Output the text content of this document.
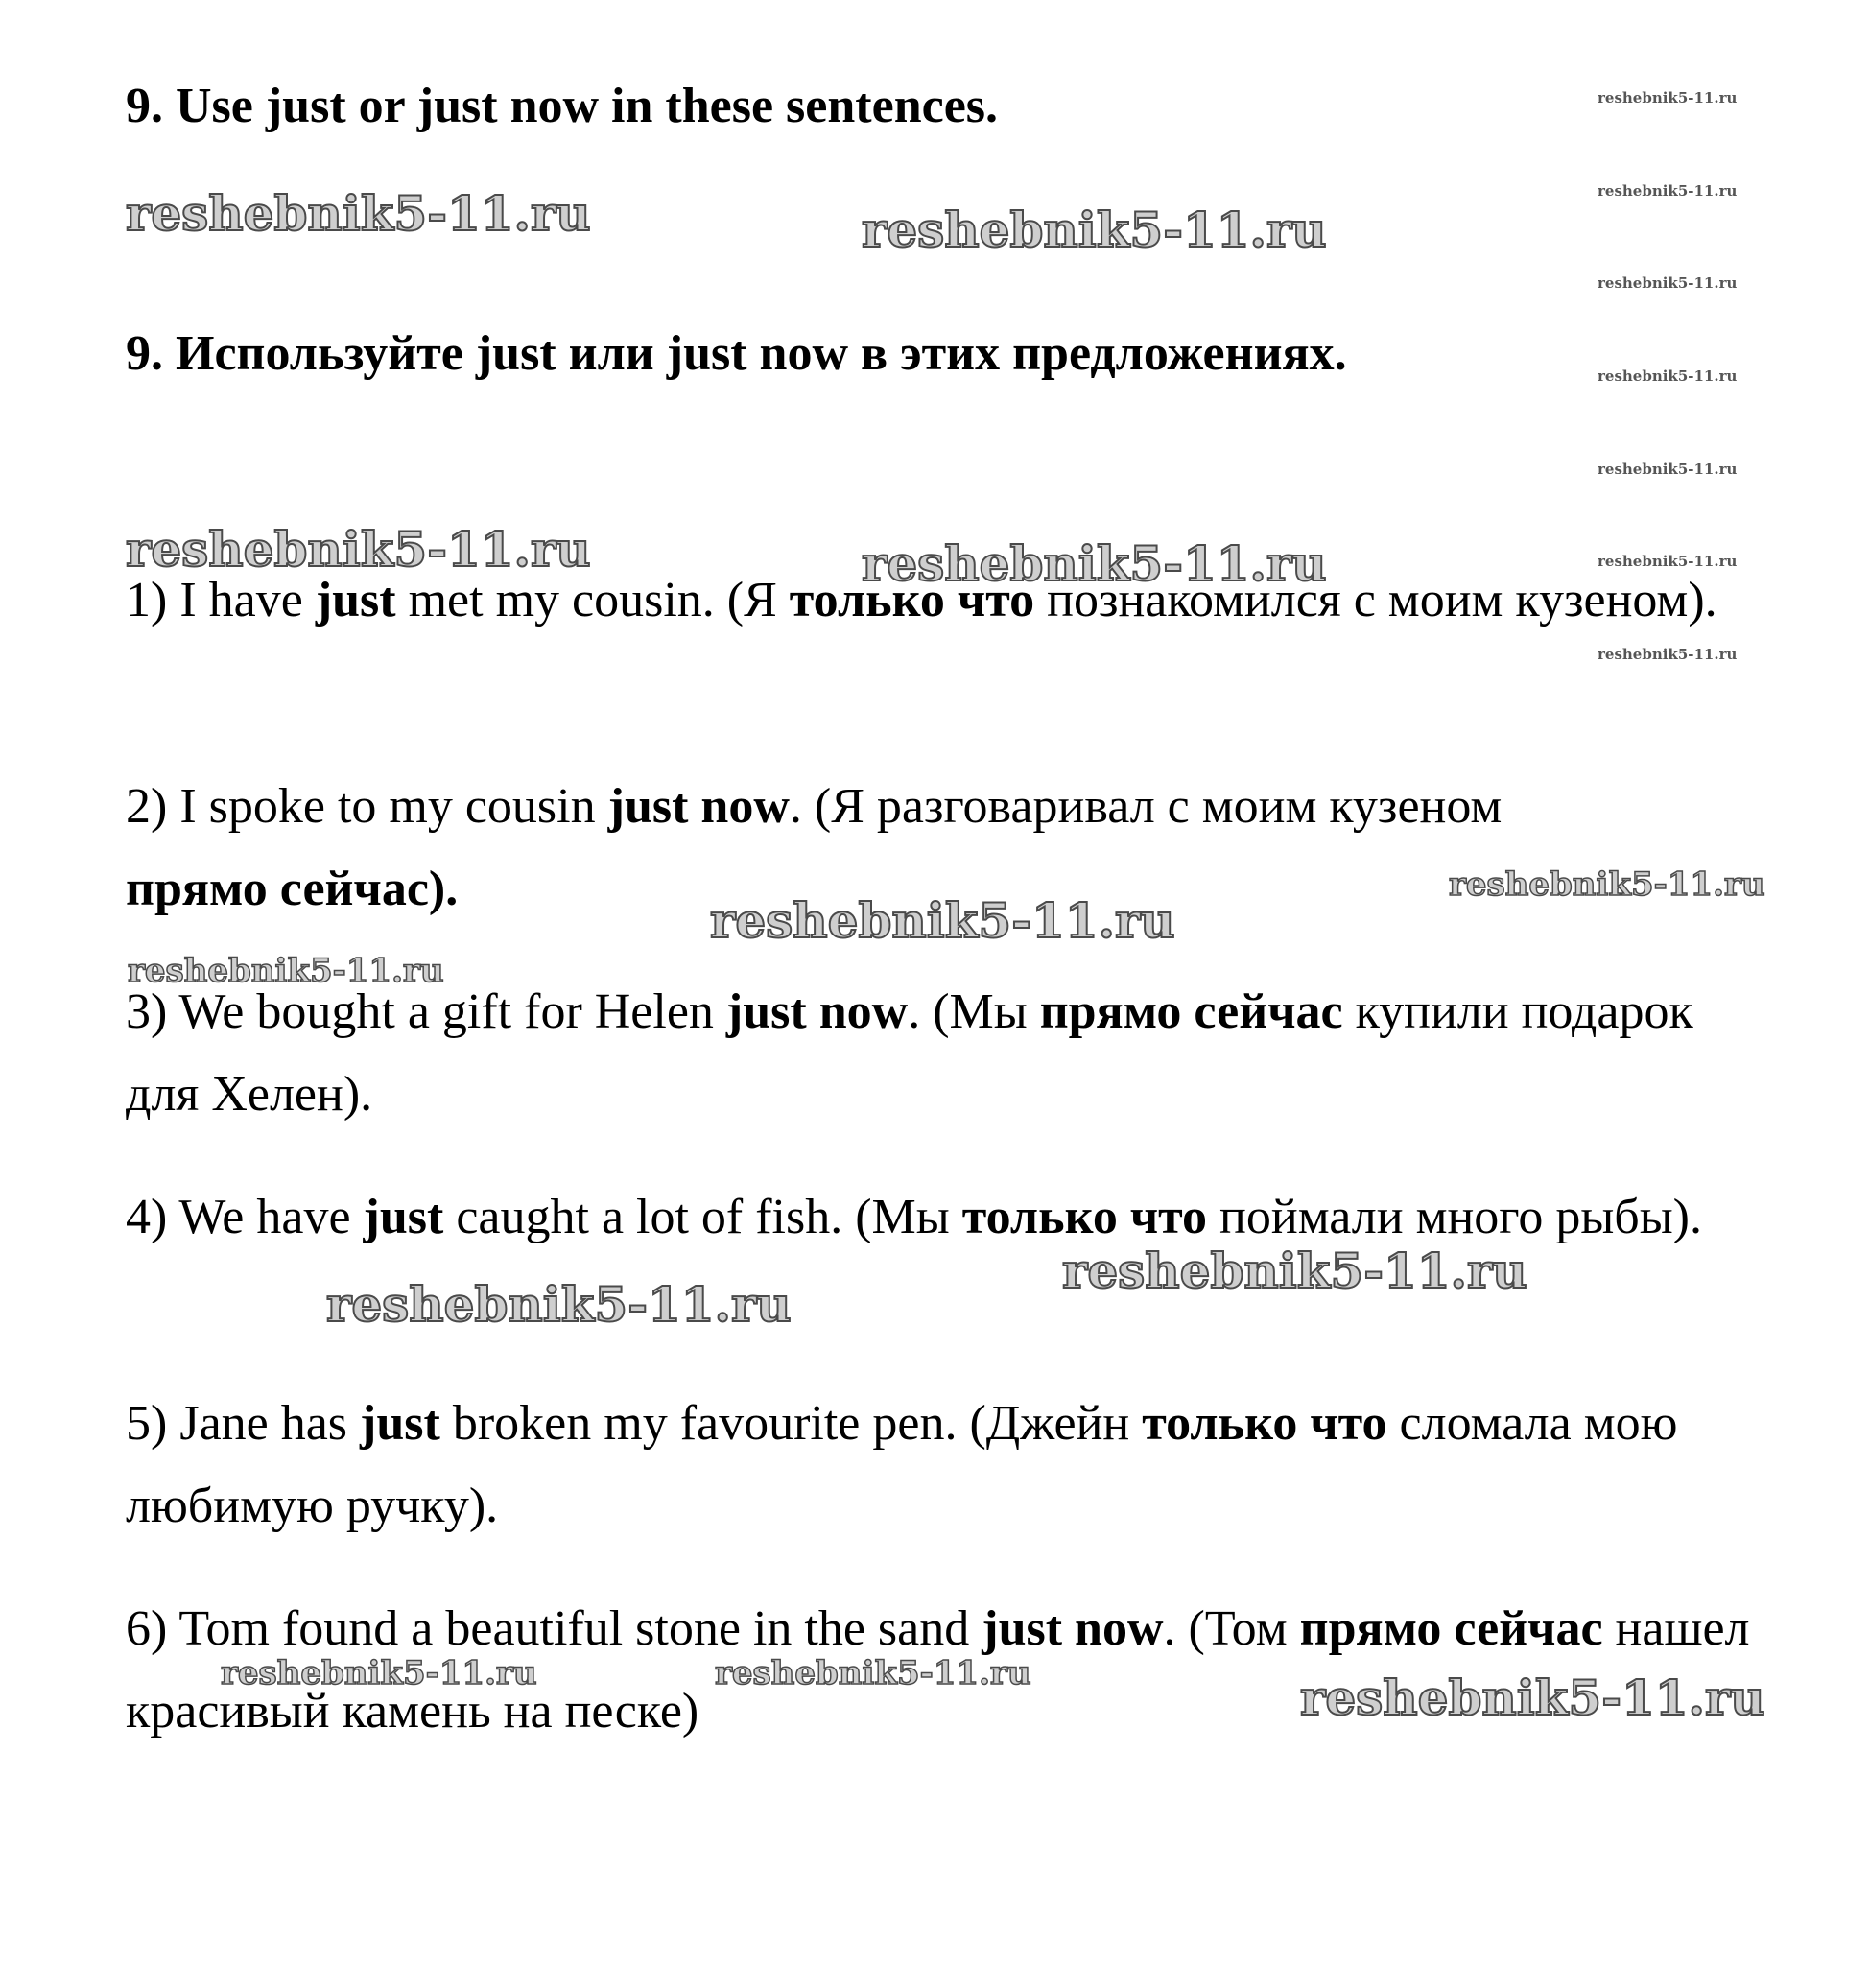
9. Use just or just now in these sentences.
9. Используйте just или just now в этих предложениях.

1) I have just met my cousin. (Я только что познакомился с моим кузеном).

2) I spoke to my cousin just now. (Я разговаривал с моим кузеном прямо сейчас).

3) We bought a gift for Helen just now. (Мы прямо сейчас купили подарок для Хелен).

4) We have just caught a lot of fish. (Мы только что поймали много рыбы).

5) Jane has just broken my favourite pen. (Джейн только что сломала мою любимую ручку).

6) Tom found a beautiful stone in the sand just now. (Том прямо сейчас нашел красивый камень на песке)

reshebnik5-11.ru
reshebnik5-11.ru
reshebnik5-11.ru
reshebnik5-11.ru
reshebnik5-11.ru
reshebnik5-11.ru
reshebnik5-11.ru
reshebnik5-11.ru	reshebnik5-11.ru
reshebnik5-11.ru	reshebnik5-11.ru
reshebnik5-11.ru
reshebnik5-11.ru
reshebnik5-11.ru
reshebnik5-11.ru
reshebnik5-11.ru
reshebnik5-11.ru
reshebnik5-11.ru	reshebnik5-11.ru
